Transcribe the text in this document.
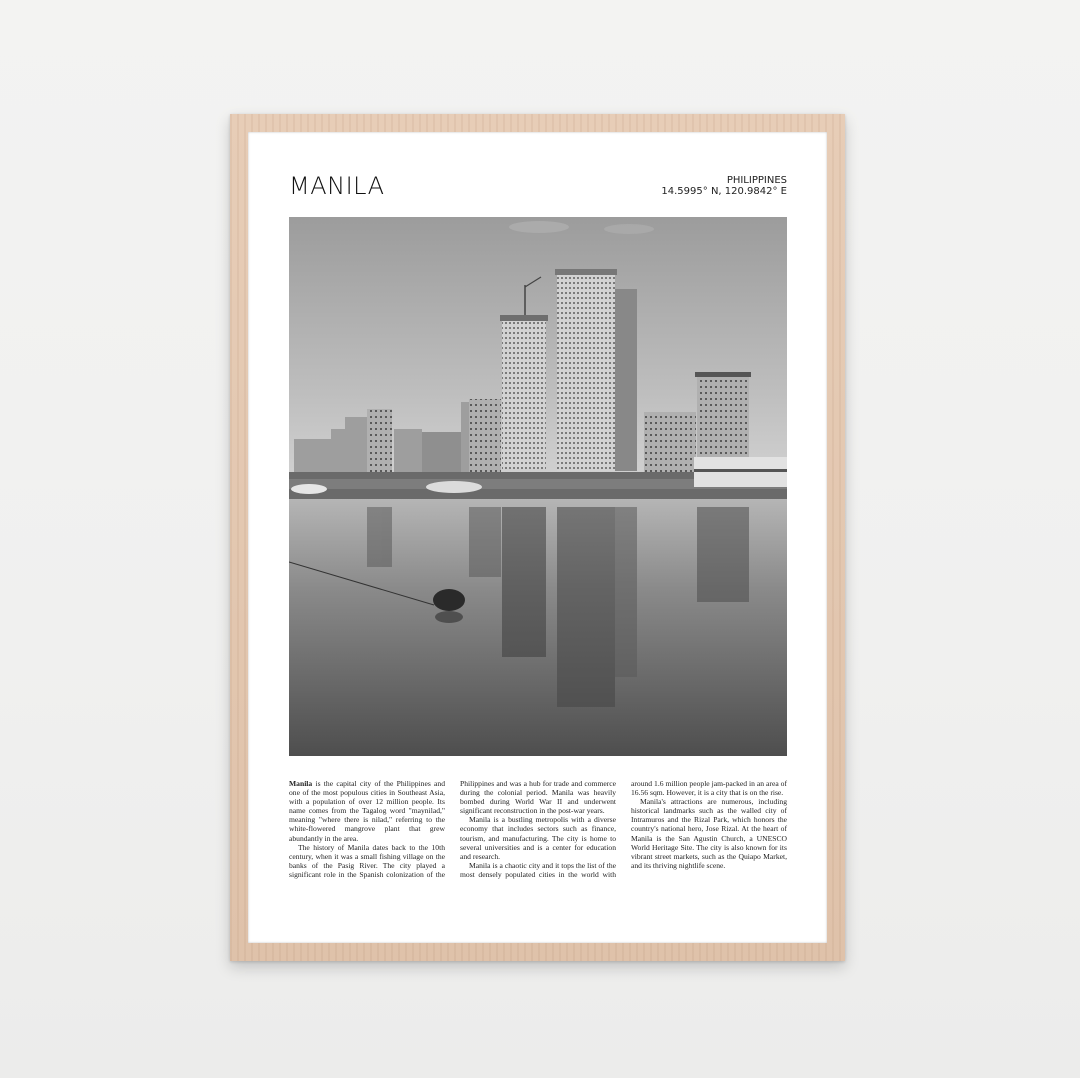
MANILA	PHILIPPINES
14.5995° N, 120.9842° E

Manila is the capital city of the Philippines and one of the most populous cities in Southeast Asia, with a population of over 12 million people. Its name comes from the Tagalog word "maynilad," meaning "where there is nilad," referring to the white-flowered mangrove plant that grew abundantly in the area.

The history of Manila dates back to the 10th century, when it was a small fishing village on the banks of the Pasig River. The city played a significant role in the Spanish colonization of the Philippines and was a hub for trade and commerce during the colonial period. Manila was heavily bombed during World War II and underwent significant reconstruction in the post-war years.

Manila is a bustling metropolis with a diverse economy that includes sectors such as finance, tourism, and manufacturing. The city is home to several universities and is a center for education and research.

Manila is a chaotic city and it tops the list of the most densely populated cities in the world with around 1.6 million people jam-packed in an area of 16.56 sqm. However, it is a city that is on the rise.

Manila's attractions are numerous, including historical landmarks such as the walled city of Intramuros and the Rizal Park, which honors the country's national hero, Jose Rizal. At the heart of Manila is the San Agustin Church, a UNESCO World Heritage Site. The city is also known for its vibrant street markets, such as the Quiapo Market, and its thriving nightlife scene.
